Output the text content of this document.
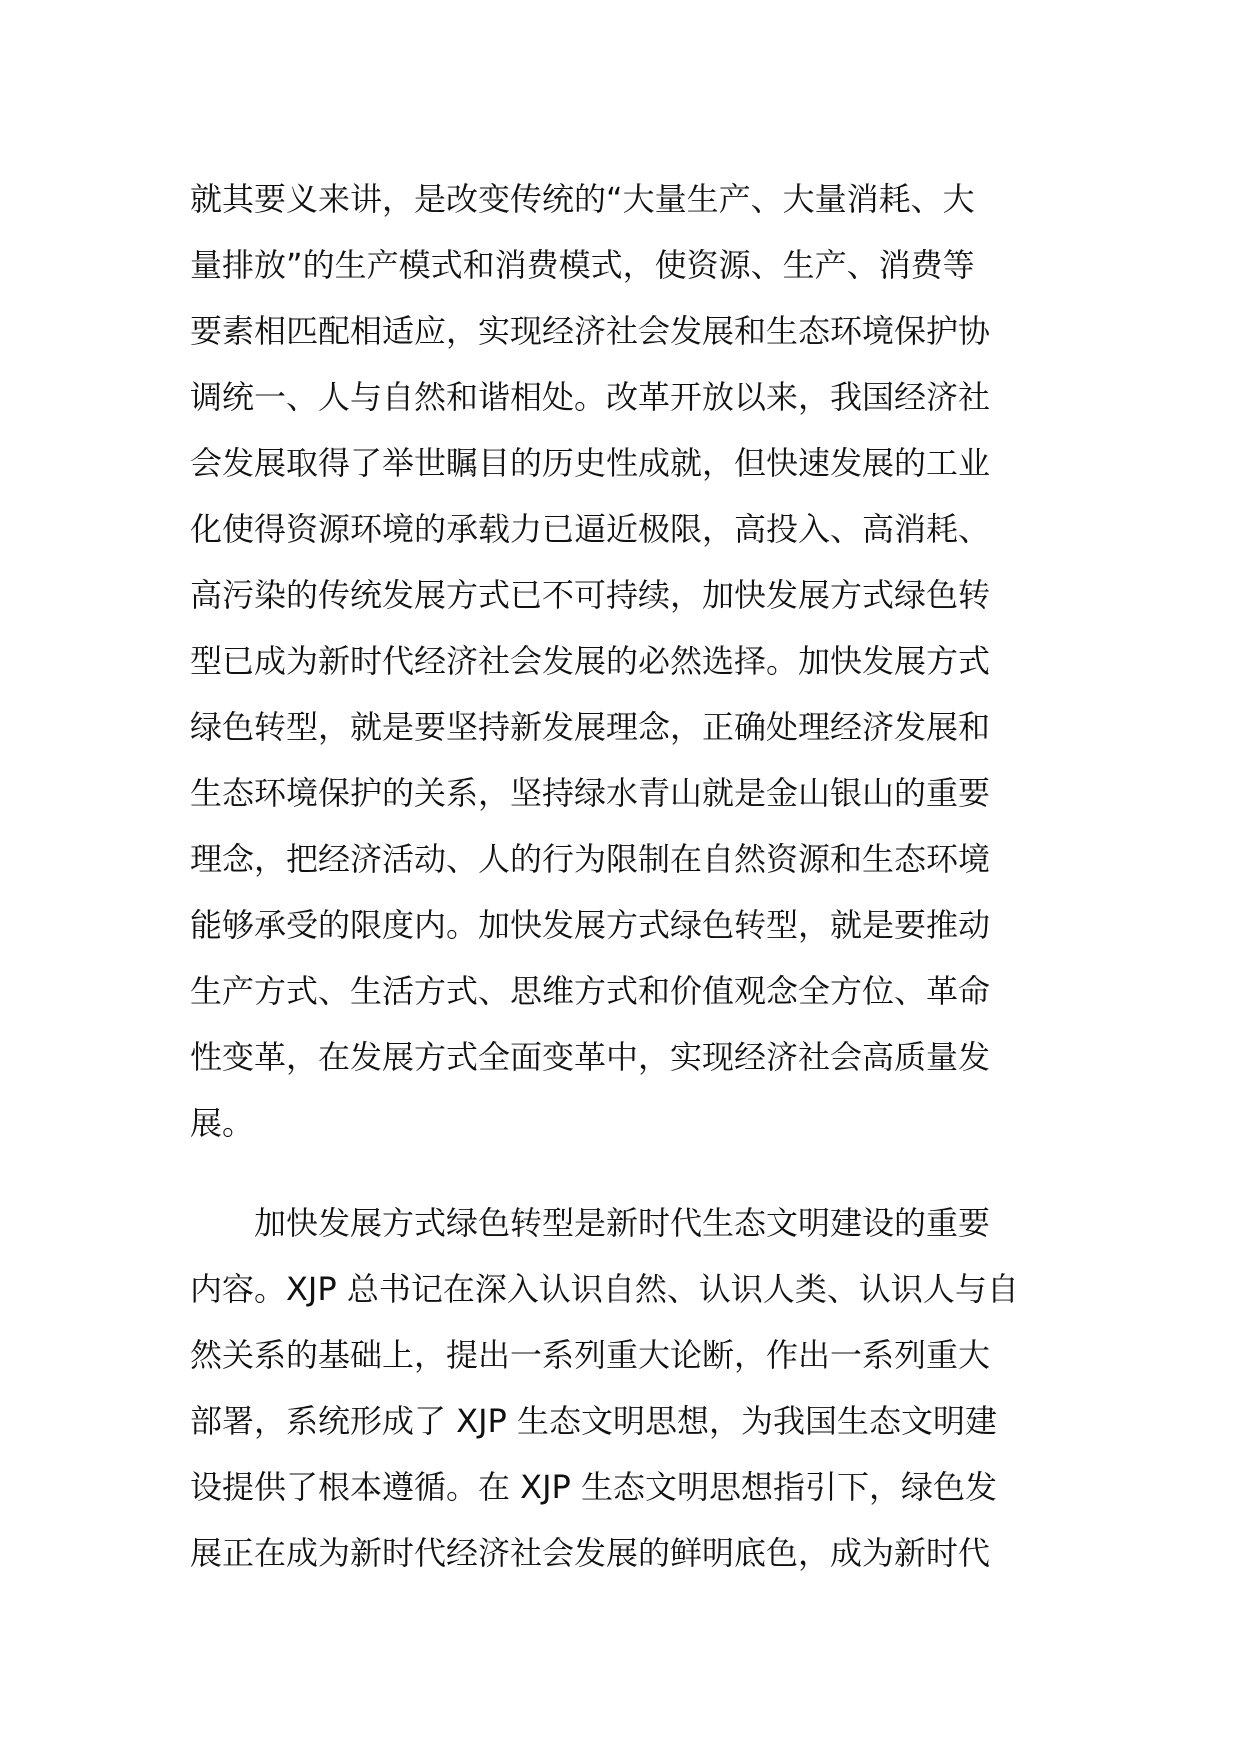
就其要义来讲，是改变传统的“大量生产、大量消耗、大
量排放”的生产模式和消费模式，使资源、生产、消费等
要素相匹配相适应，实现经济社会发展和生态环境保护协
调统一、人与自然和谐相处。改革开放以来，我国经济社
会发展取得了举世瞩目的历史性成就，但快速发展的工业
化使得资源环境的承载力已逼近极限，高投入、高消耗、
高污染的传统发展方式已不可持续，加快发展方式绿色转
型已成为新时代经济社会发展的必然选择。加快发展方式
绿色转型，就是要坚持新发展理念，正确处理经济发展和
生态环境保护的关系，坚持绿水青山就是金山银山的重要
理念，把经济活动、人的行为限制在自然资源和生态环境
能够承受的限度内。加快发展方式绿色转型，就是要推动
生产方式、生活方式、思维方式和价值观念全方位、革命
性变革，在发展方式全面变革中，实现经济社会高质量发
展。
　　加快发展方式绿色转型是新时代生态文明建设的重要
内容。XJP 总书记在深入认识自然、认识人类、认识人与自
然关系的基础上，提出一系列重大论断，作出一系列重大
部署，系统形成了 XJP 生态文明思想，为我国生态文明建
设提供了根本遵循。在 XJP 生态文明思想指引下，绿色发
展正在成为新时代经济社会发展的鲜明底色，成为新时代
